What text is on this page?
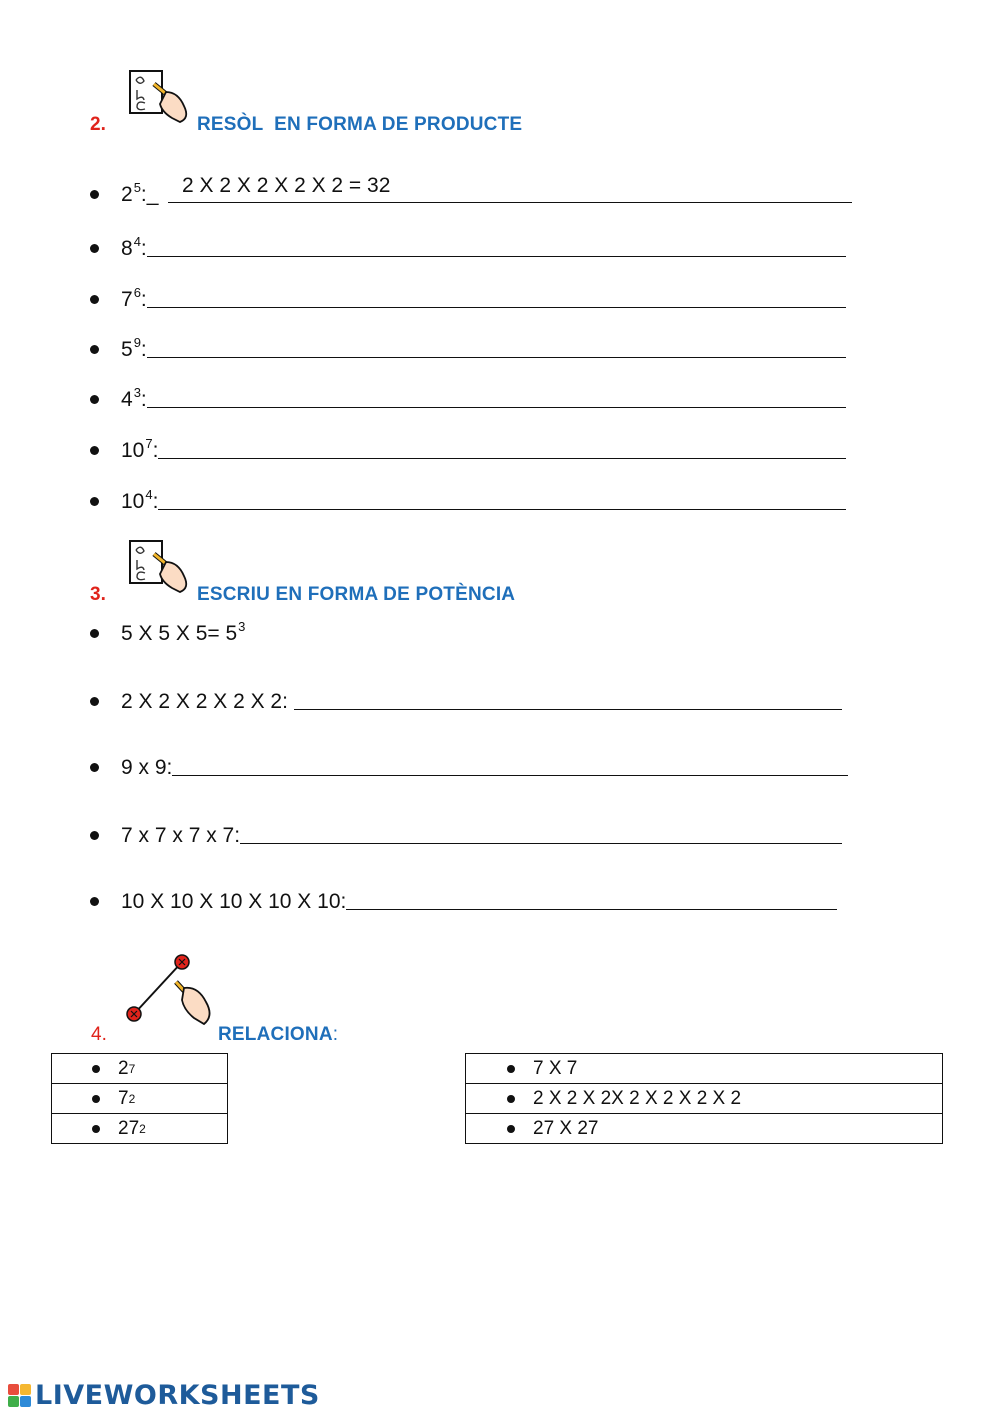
2.	RESÒL  EN FORMA DE PRODUCTE
$2^5:\_$ 2 X 2 X 2 X 2 X 2 = 32
$8^4$:
$7^6$:
$5^9$:
$4^3$:
$10^7$:
$10^4$:
3.	ESCRIU EN FORMA DE POTÈNCIA
5 X 5 X $5= 5^3$
2 X 2 X 2 X 2 X 2:
9 x 9:
7 x 7 x 7 x 7:
10 X 10 X 10 X 10 X 10:
4.	RELACIONA:
2 7

7 2

27 2
7 X 7

2 X 2 X 2X 2 X 2 X 2 X 2

27 X 27
LIVEWORKSHEETS
